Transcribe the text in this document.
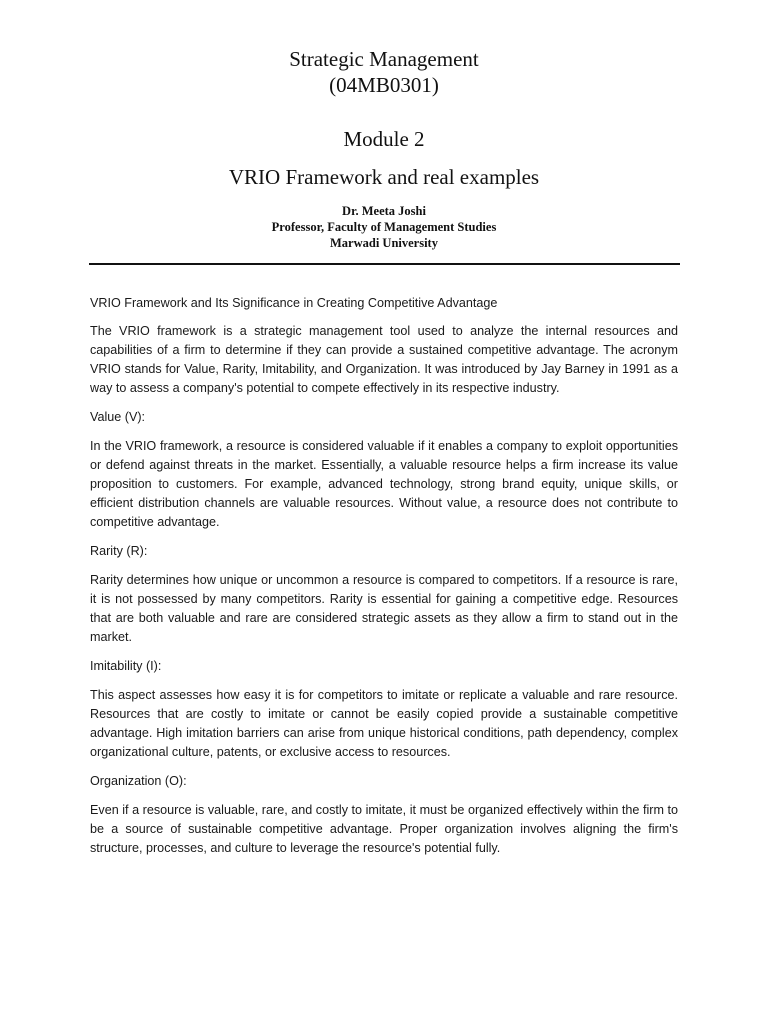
Strategic Management
(04MB0301)
Module 2
VRIO Framework and real examples
Dr. Meeta Joshi
Professor, Faculty of Management Studies
Marwadi University

VRIO Framework and Its Significance in Creating Competitive Advantage

The VRIO framework is a strategic management tool used to analyze the internal resources and capabilities of a firm to determine if they can provide a sustained competitive advantage. The acronym VRIO stands for Value, Rarity, Imitability, and Organization. It was introduced by Jay Barney in 1991 as a way to assess a company's potential to compete effectively in its respective industry.

Value (V):

In the VRIO framework, a resource is considered valuable if it enables a company to exploit opportunities or defend against threats in the market. Essentially, a valuable resource helps a firm increase its value proposition to customers. For example, advanced technology, strong brand equity, unique skills, or efficient distribution channels are valuable resources. Without value, a resource does not contribute to competitive advantage.

Rarity (R):

Rarity determines how unique or uncommon a resource is compared to competitors. If a resource is rare, it is not possessed by many competitors. Rarity is essential for gaining a competitive edge. Resources that are both valuable and rare are considered strategic assets as they allow a firm to stand out in the market.

Imitability (I):

This aspect assesses how easy it is for competitors to imitate or replicate a valuable and rare resource. Resources that are costly to imitate or cannot be easily copied provide a sustainable competitive advantage. High imitation barriers can arise from unique historical conditions, path dependency, complex organizational culture, patents, or exclusive access to resources.

Organization (O):

Even if a resource is valuable, rare, and costly to imitate, it must be organized effectively within the firm to be a source of sustainable competitive advantage. Proper organization involves aligning the firm's structure, processes, and culture to leverage the resource's potential fully.
